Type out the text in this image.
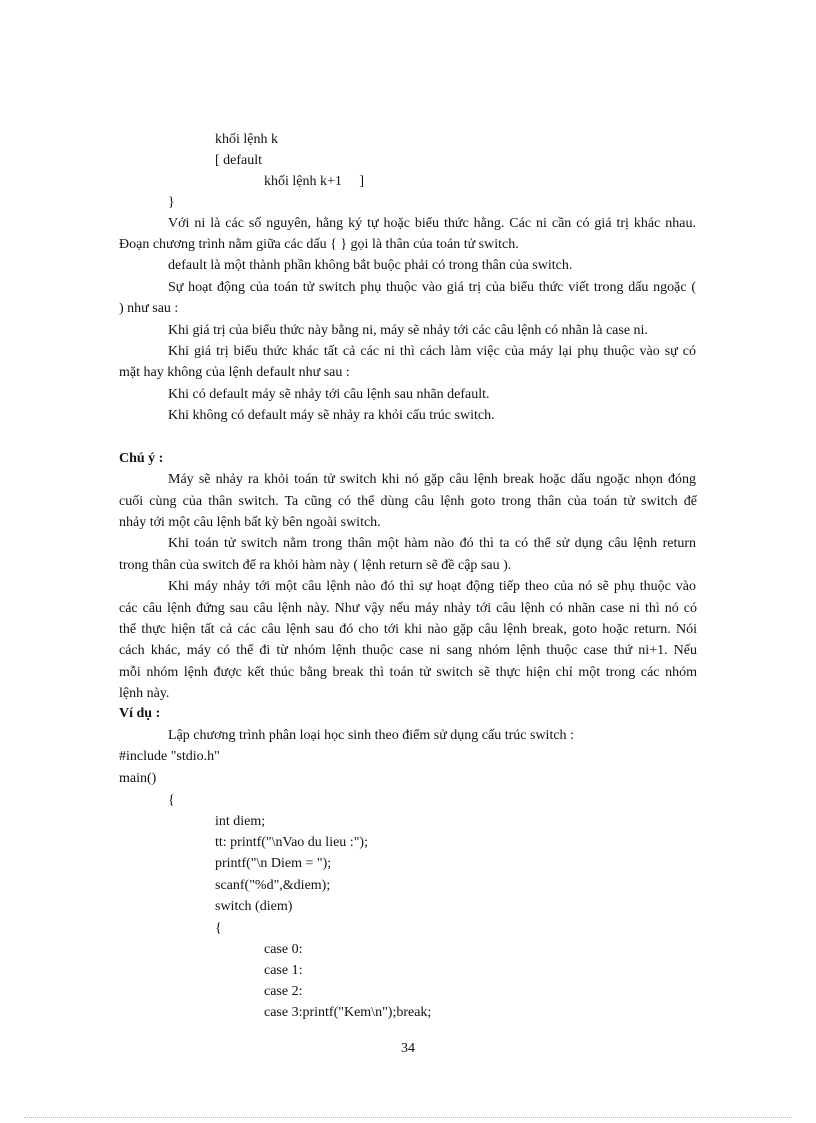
khối lệnh k
[ default
khối lệnh k+1     ]
}
Với ni là các số nguyên, hằng ký tự hoặc biểu thức hằng. Các ni cần có giá trị khác nhau.
Đoạn chương trình nằm giữa các dấu { } gọi là thân của toán tử switch.
default là một thành phần không bắt buộc phải có trong thân của switch.
Sự hoạt động của toán tử switch phụ thuộc vào giá trị của biểu thức viết trong dấu ngoặc (
) như sau :
Khi giá trị của biểu thức này bằng ni, máy sẽ nhảy tới các câu lệnh có nhãn là case ni.
Khi giá trị biểu thức khác tất cả các ni thì cách làm việc của máy lại phụ thuộc vào sự có
mặt hay không của lệnh default như sau :
Khi có default máy sẽ nhảy tới câu lệnh sau nhãn default.
Khi không có default máy sẽ nhảy ra khỏi cấu trúc switch.
Chú ý :
Máy sẽ nhảy ra khỏi toán tử switch khi nó gặp câu lệnh break hoặc dấu ngoặc nhọn đóng
cuối cùng của thân switch. Ta cũng có thể dùng câu lệnh goto trong thân của toán tử switch để
nhảy tới một câu lệnh bất kỳ bên ngoài switch.
Khi toán tử switch nằm trong thân một hàm nào đó thì ta có thể sử dụng câu lệnh return
trong thân của switch để ra khỏi hàm này ( lệnh return sẽ đề cập sau ).
Khi máy nhảy tới một câu lệnh nào đó thì sự hoạt động tiếp theo của nó sẽ phụ thuộc vào
các câu lệnh đứng sau câu lệnh này. Như vậy nếu máy nhảy tới câu lệnh có nhãn case ni thì nó có
thể thực hiện tất cả các câu lệnh sau đó cho tới khi nào gặp câu lệnh break, goto hoặc return. Nói
cách khác, máy có thể đi từ nhóm lệnh thuộc case ni sang nhóm lệnh thuộc case thứ ni+1. Nếu
mỗi nhóm lệnh được kết thúc bằng break thì toán tử switch sẽ thực hiện chỉ một trong các nhóm
lệnh này.
Ví dụ :
Lập chương trình phân loại học sinh theo điểm sử dụng cấu trúc switch :
#include "stdio.h"
main()
{
int diem;
tt: printf("\nVao du lieu :");
printf("\n Diem = ");
scanf("%d",&diem);
switch (diem)
{
case 0:
case 1:
case 2:
case 3:printf("Kem\n");break;
34
